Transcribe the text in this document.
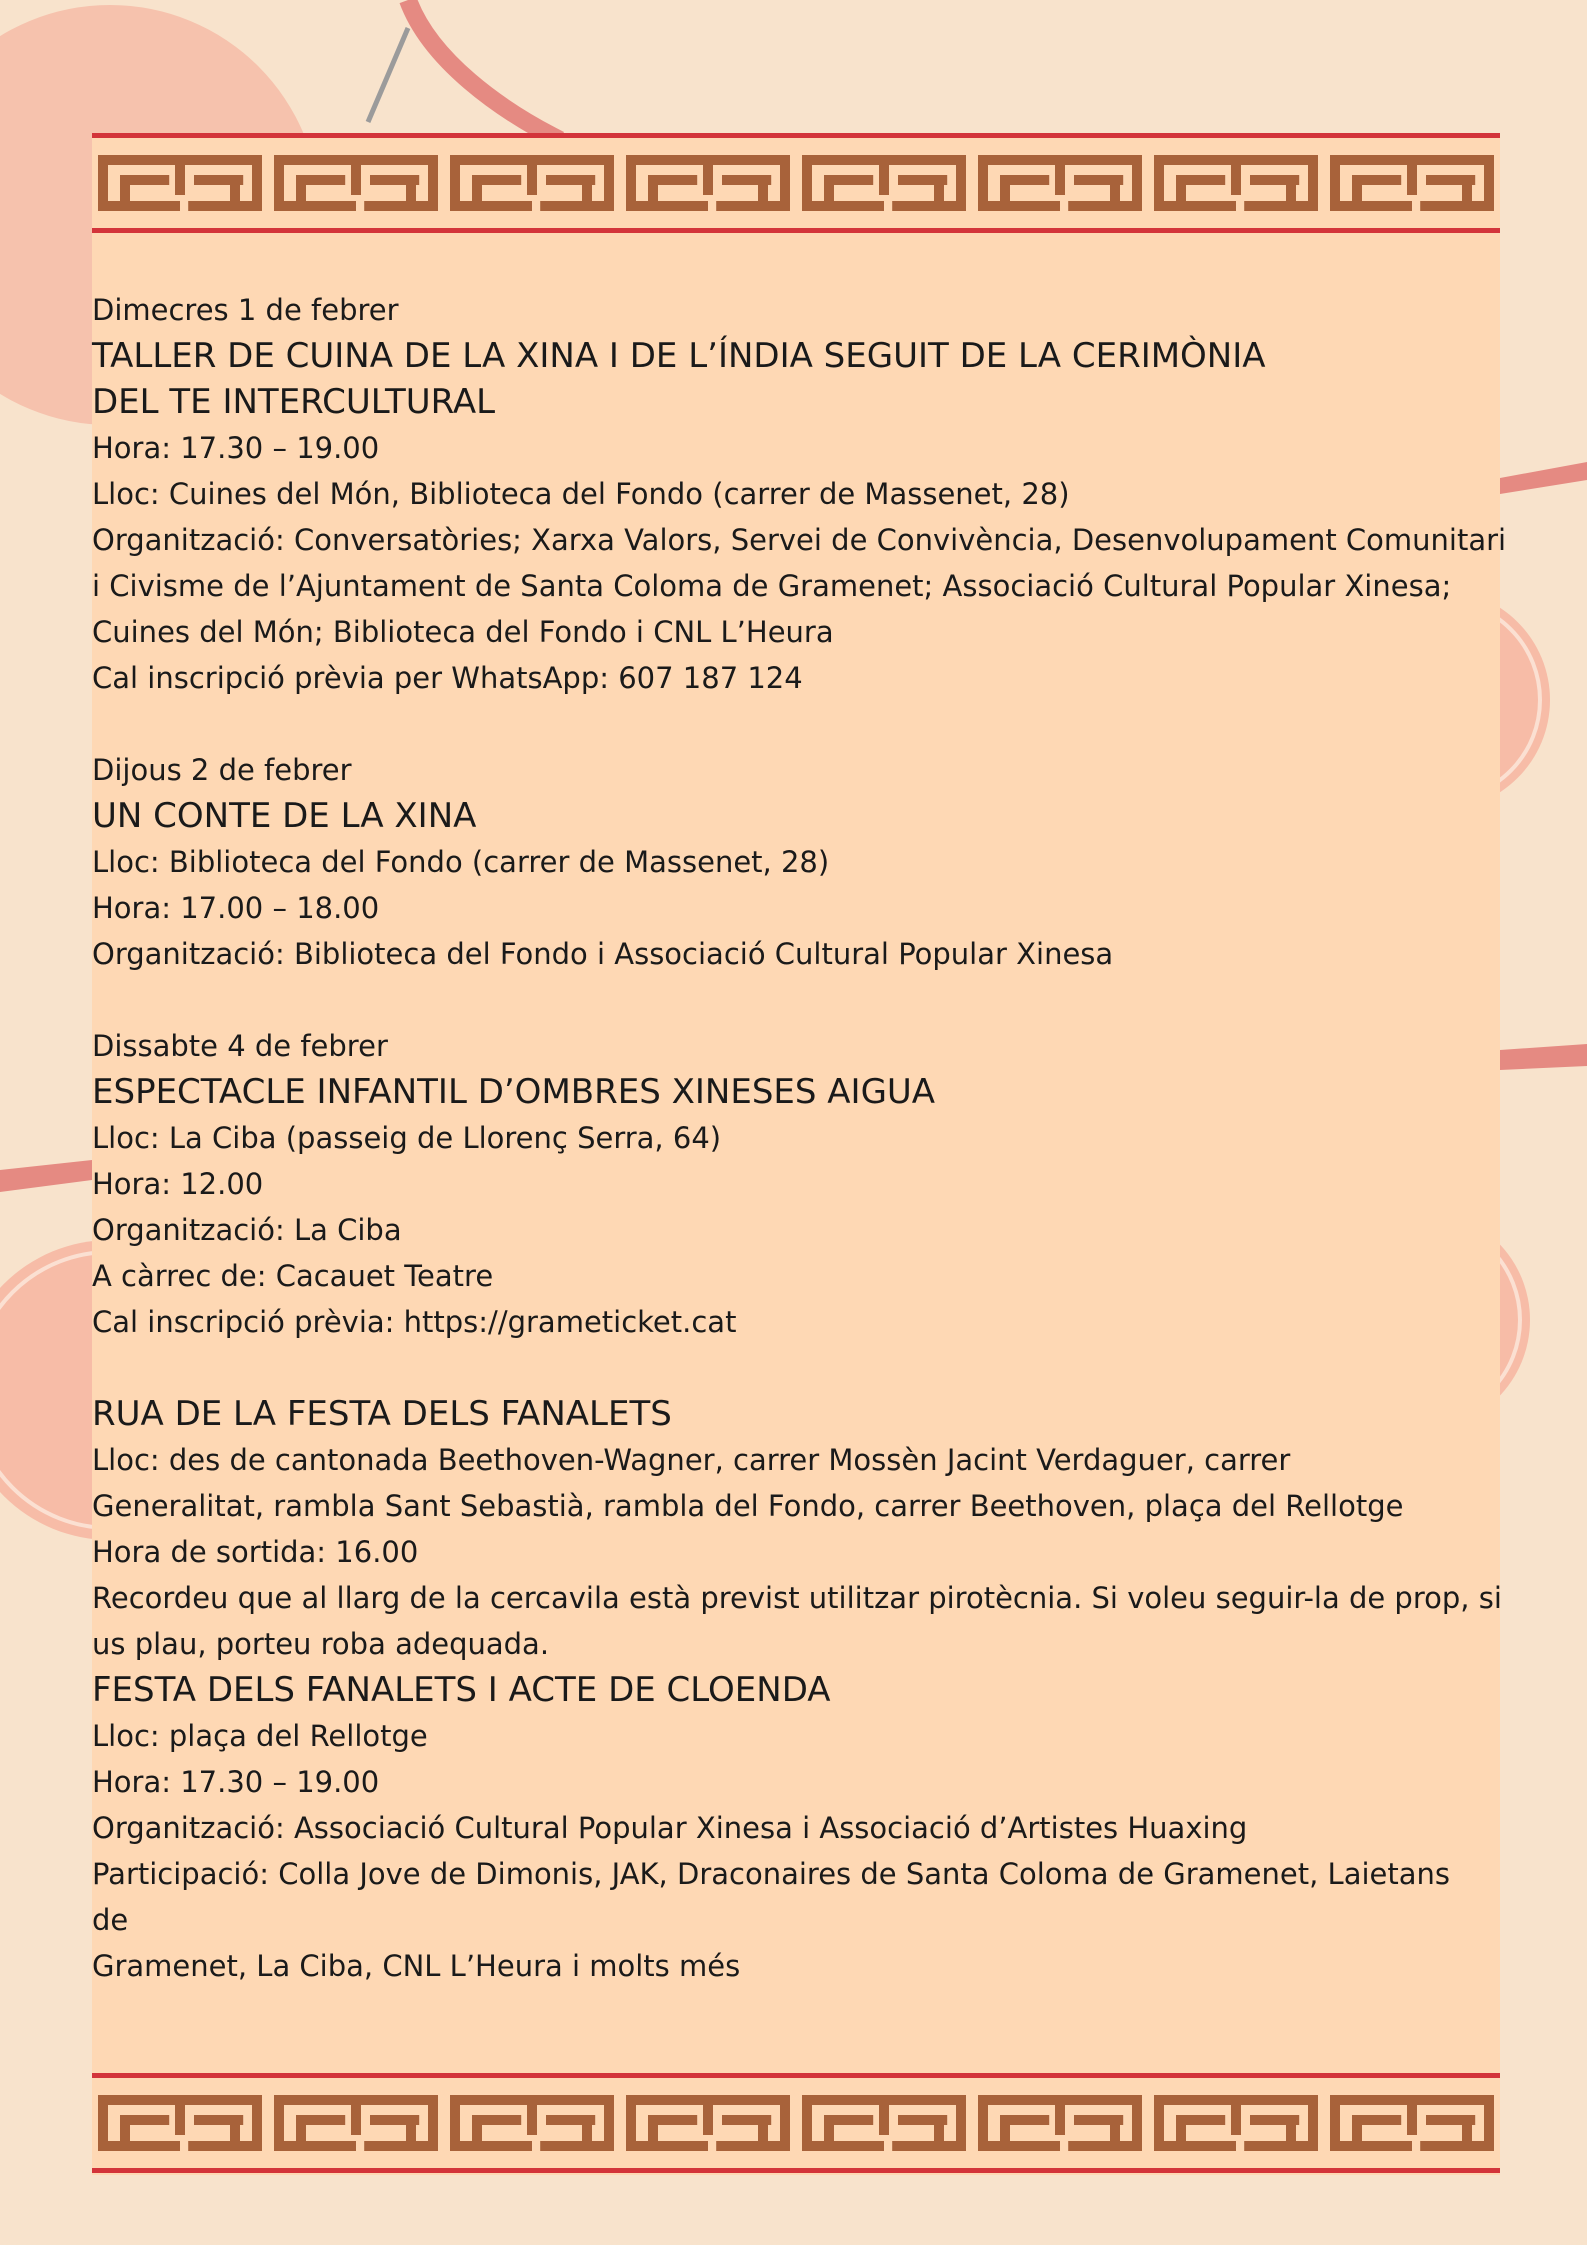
Dimecres 1 de febrer
TALLER DE CUINA DE LA XINA I DE L’ÍNDIA SEGUIT DE LA CERIMÒNIA
DEL TE INTERCULTURAL
Hora: 17.30 – 19.00
Lloc: Cuines del Món, Biblioteca del Fondo (carrer de Massenet, 28)
Organització: Conversatòries; Xarxa Valors, Servei de Convivència, Desenvolupament Comunitari
i Civisme de l’Ajuntament de Santa Coloma de Gramenet; Associació Cultural Popular Xinesa;
Cuines del Món; Biblioteca del Fondo i CNL L’Heura
Cal inscripció prèvia per WhatsApp: 607 187 124
Dijous 2 de febrer
UN CONTE DE LA XINA
Lloc: Biblioteca del Fondo (carrer de Massenet, 28)
Hora: 17.00 – 18.00
Organització: Biblioteca del Fondo i Associació Cultural Popular Xinesa
Dissabte 4 de febrer
ESPECTACLE INFANTIL D’OMBRES XINESES AIGUA
Lloc: La Ciba (passeig de Llorenç Serra, 64)
Hora: 12.00
Organització: La Ciba
A càrrec de: Cacauet Teatre
Cal inscripció prèvia: https://grameticket.cat
RUA DE LA FESTA DELS FANALETS
Lloc: des de cantonada Beethoven-Wagner, carrer Mossèn Jacint Verdaguer, carrer
Generalitat, rambla Sant Sebastià, rambla del Fondo, carrer Beethoven, plaça del Rellotge
Hora de sortida: 16.00
Recordeu que al llarg de la cercavila està previst utilitzar pirotècnia. Si voleu seguir-la de prop, si
us plau, porteu roba adequada.
FESTA DELS FANALETS I ACTE DE CLOENDA
Lloc: plaça del Rellotge
Hora: 17.30 – 19.00
Organització: Associació Cultural Popular Xinesa i Associació d’Artistes Huaxing
Participació: Colla Jove de Dimonis, JAK, Draconaires de Santa Coloma de Gramenet, Laietans
de
Gramenet, La Ciba, CNL L’Heura i molts més
